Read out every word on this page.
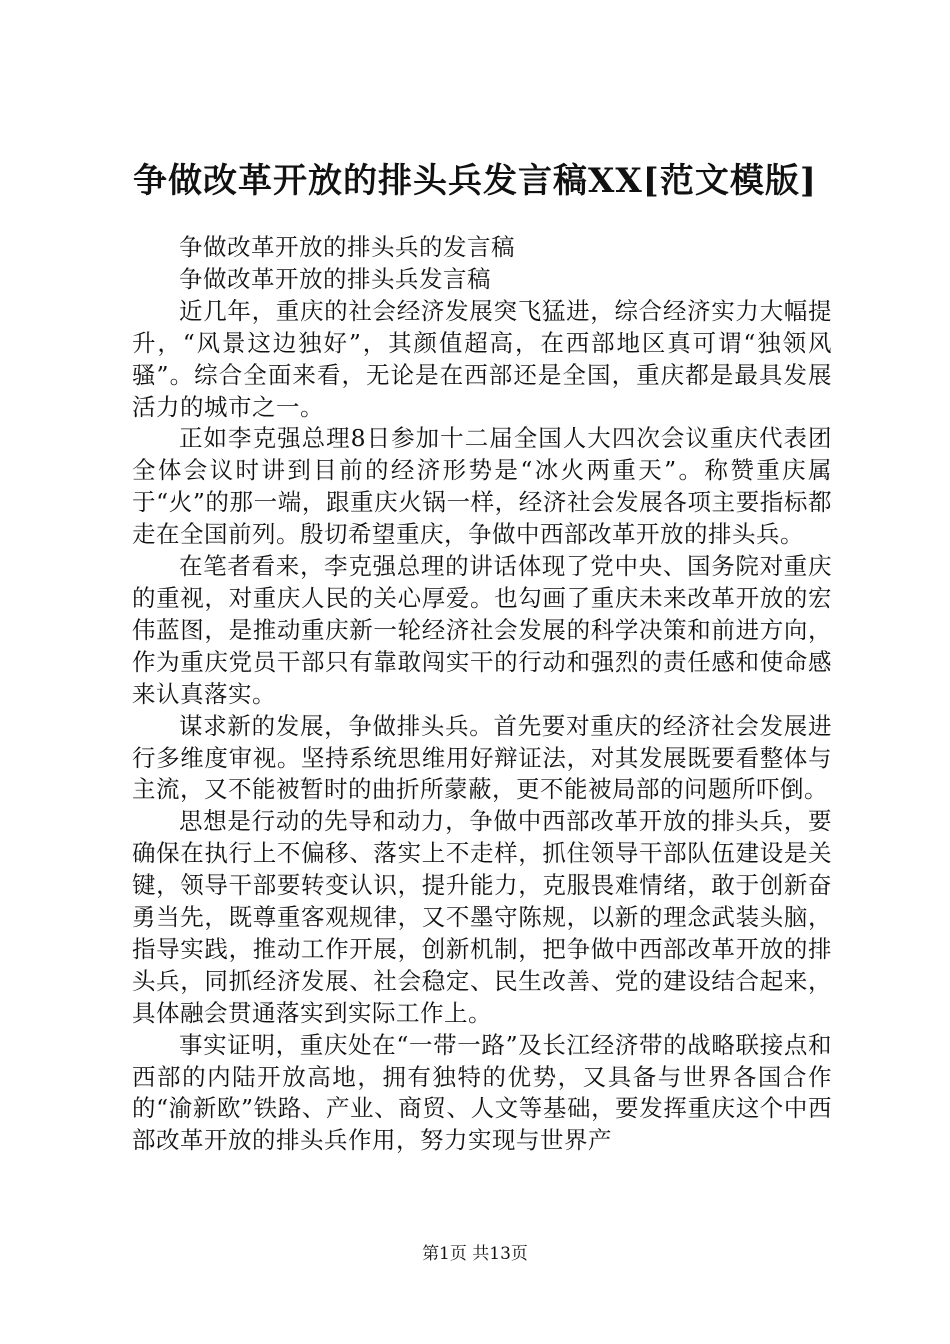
争做改革开放的排头兵发言稿XX[范文模版]

争做改革开放的排头兵的发言稿

争做改革开放的排头兵发言稿

近几年，重庆的社会经济发展突飞猛进，综合经济实力大幅提升，“风景这边独好”，其颜值超高，在西部地区真可谓“独领风骚”。综合全面来看，无论是在西部还是全国，重庆都是最具发展活力的城市之一。

正如李克强总理8日参加十二届全国人大四次会议重庆代表团全体会议时讲到目前的经济形势是“冰火两重天”。称赞重庆属于“火”的那一端，跟重庆火锅一样，经济社会发展各项主要指标都走在全国前列。殷切希望重庆，争做中西部改革开放的排头兵。

在笔者看来，李克强总理的讲话体现了党中央、国务院对重庆的重视，对重庆人民的关心厚爱。也勾画了重庆未来改革开放的宏伟蓝图，是推动重庆新一轮经济社会发展的科学决策和前进方向，作为重庆党员干部只有靠敢闯实干的行动和强烈的责任感和使命感来认真落实。

谋求新的发展，争做排头兵。首先要对重庆的经济社会发展进行多维度审视。坚持系统思维用好辩证法，对其发展既要看整体与主流，又不能被暂时的曲折所蒙蔽，更不能被局部的问题所吓倒。

思想是行动的先导和动力，争做中西部改革开放的排头兵，要确保在执行上不偏移、落实上不走样，抓住领导干部队伍建设是关键，领导干部要转变认识，提升能力，克服畏难情绪，敢于创新奋勇当先，既尊重客观规律，又不墨守陈规，以新的理念武装头脑，指导实践，推动工作开展，创新机制，把争做中西部改革开放的排头兵，同抓经济发展、社会稳定、民生改善、党的建设结合起来，具体融会贯通落实到实际工作上。

事实证明，重庆处在“一带一路”及长江经济带的战略联接点和西部的内陆开放高地，拥有独特的优势，又具备与世界各国合作的“渝新欧”铁路、产业、商贸、人文等基础，要发挥重庆这个中西部改革开放的排头兵作用，努力实现与世界产

第1页 共13页
